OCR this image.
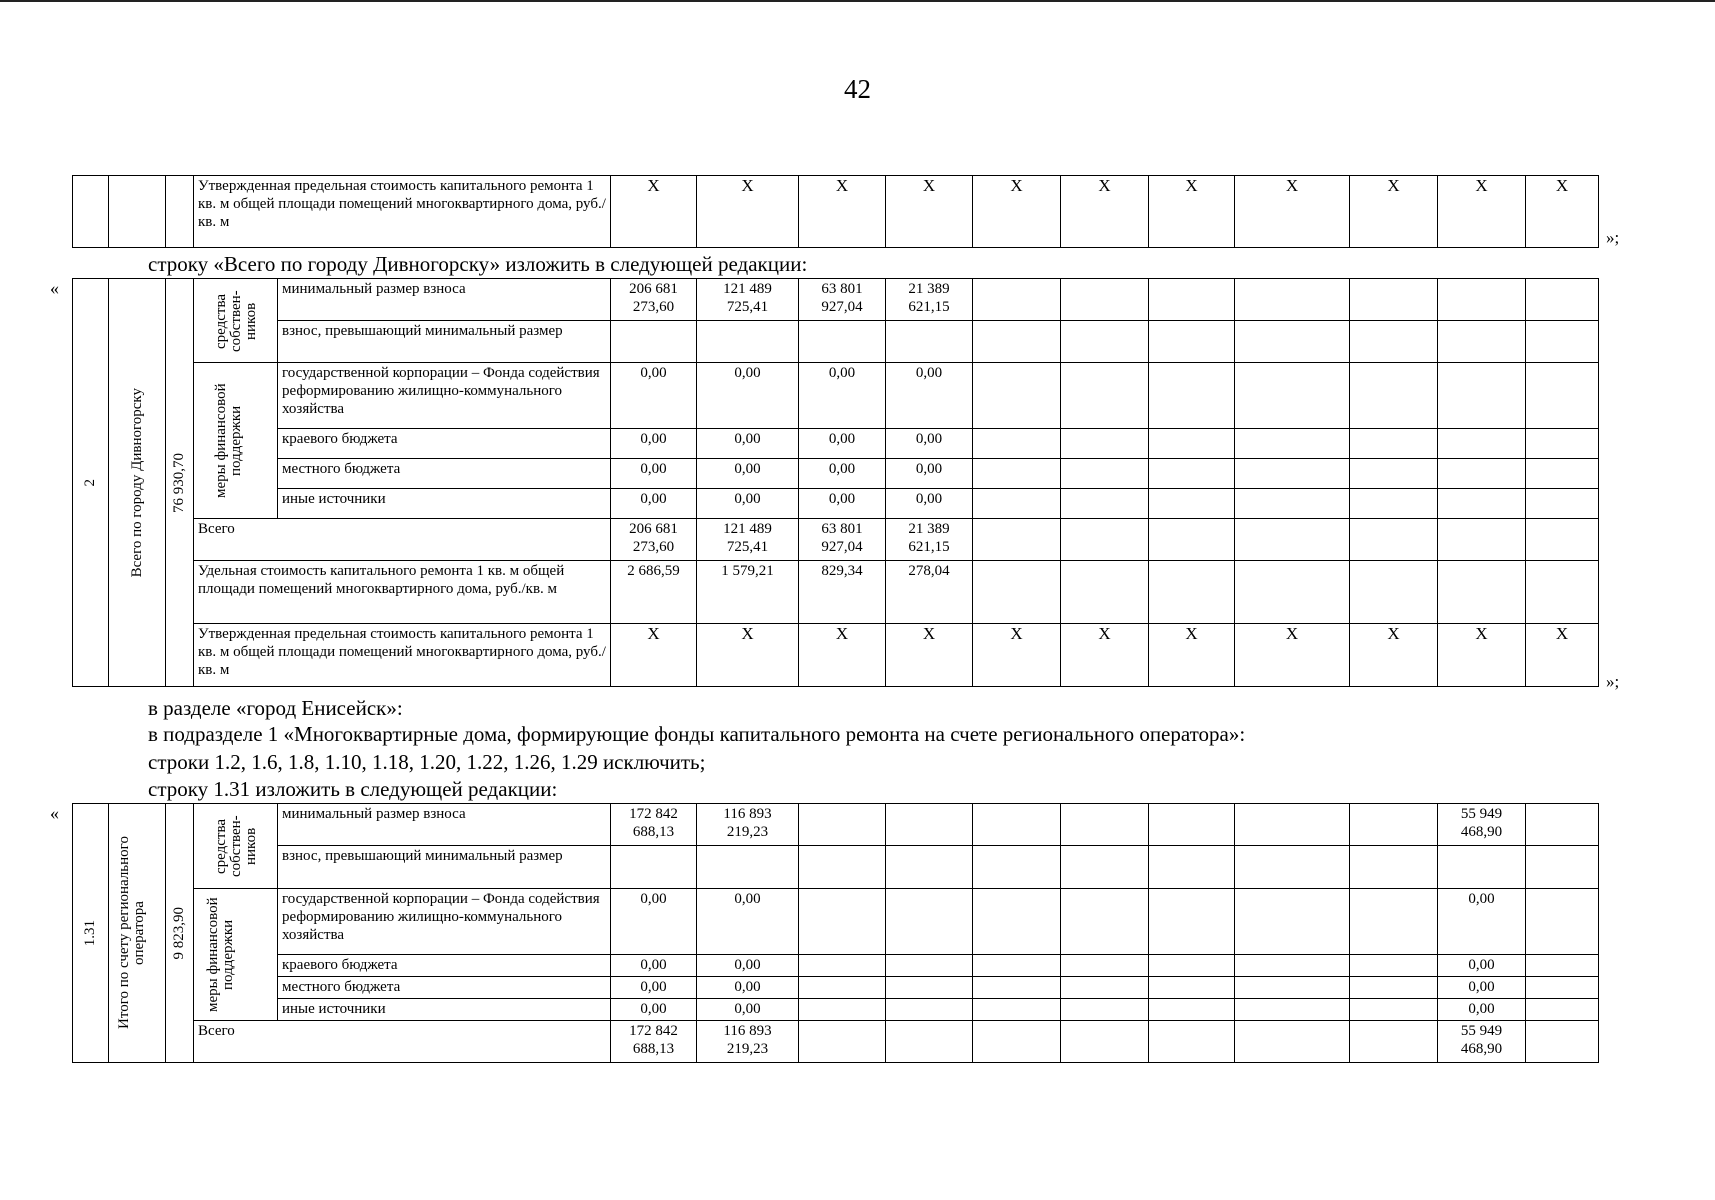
42
			Утвержденная предельная стоимость капитального ремонта 1 кв. м общей площади помещений многоквартирного дома, руб./кв. м	X	X	X	X	X	X	X	X	X	X	X
»;
строку «Всего по городу Дивногорску» изложить в следующей редакции:
«
2	Всего по городу Дивногорску	76 930,70	средства собствен-ников	минимальный размер взноса	206 681 273,60	121 489 725,41	63 801 927,04	21 389 621,15							
				взнос, превышающий минимальный размер											

			меры финансовой поддержки	государственной корпорации – Фонда содействия реформированию жилищно-коммунального хозяйства	0,00	0,00	0,00	0,00							
				краевого бюджета	0,00	0,00	0,00	0,00							
				местного бюджета	0,00	0,00	0,00	0,00							
				иные источники	0,00	0,00	0,00	0,00							
			Всего		206 681 273,60	121 489 725,41	63 801 927,04	21 389 621,15							
			Удельная стоимость капитального ремонта 1 кв. м общей площади помещений многоквартирного дома, руб./кв. м		2 686,59	1 579,21	829,34	278,04							
			Утвержденная предельная стоимость капитального ремонта 1 кв. м общей площади помещений многоквартирного дома, руб./кв. м		X	X	X	X	X	X	X	X	X	X	X
»;
в разделе «город Енисейск»:
в подразделе 1 «Многоквартирные дома, формирующие фонды капитального ремонта на счете регионального оператора»:
строки 1.2, 1.6, 1.8, 1.10, 1.18, 1.20, 1.22, 1.26, 1.29 исключить;
строку 1.31 изложить в следующей редакции:
«
1.31	Итого по счету регионального оператора	9 823,90	средства собствен-ников	минимальный размер взноса	172 842 688,13	116 893 219,23								55 949 468,90	
				взнос, превышающий минимальный размер											

			меры финансовой поддержки	государственной корпорации – Фонда содействия реформированию жилищно-коммунального хозяйства	0,00	0,00								0,00	
				краевого бюджета	0,00	0,00								0,00	
				местного бюджета	0,00	0,00								0,00	
				иные источники	0,00	0,00								0,00	
			Всего		172 842 688,13	116 893 219,23								55 949 468,90	
